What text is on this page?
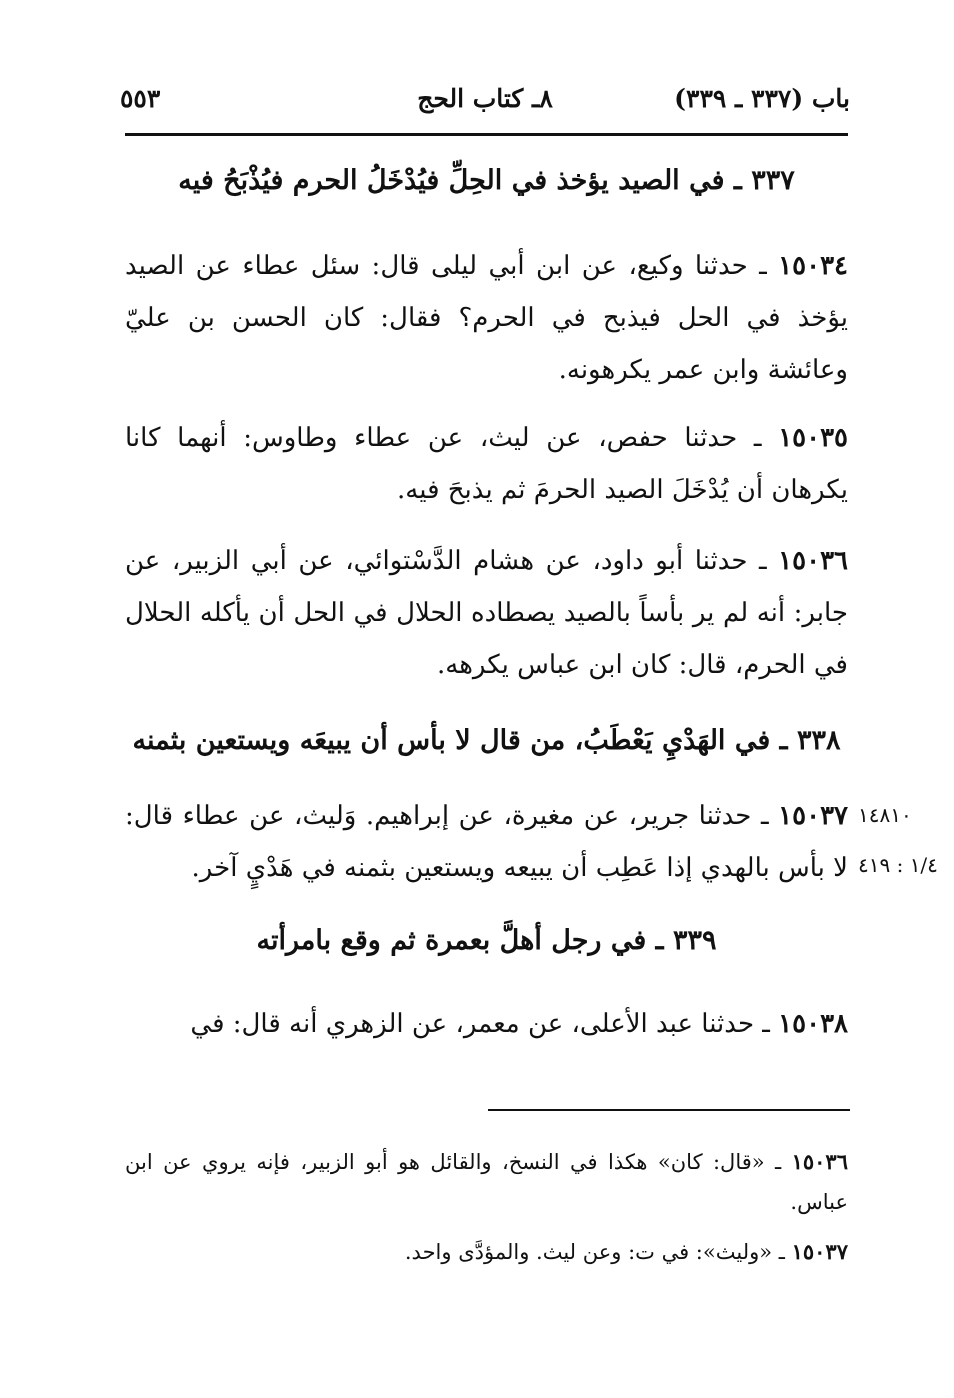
باب (٣٣٧ ـ ٣٣٩)
٨ـ كتاب الحج
٥٥٣
٣٣٧ ـ في الصيد يؤخذ في الحِلِّ فيُدْخَلُ الحرم فيُذْبَحُ فيه
١٥٠٣٤ ـ حدثنا وكيع، عن ابن أبي ليلى قال: سئل عطاء عن الصيد يؤخذ في الحل فيذبح في الحرم؟ فقال: كان الحسن بن عليّ وعائشة وابن عمر يكرهونه.
١٥٠٣٥ ـ حدثنا حفص، عن ليث، عن عطاء وطاوس: أنهما كانا يكرهان أن يُدْخَلَ الصيد الحرمَ ثم يذبحَ فيه.
١٥٠٣٦ ـ حدثنا أبو داود، عن هشام الدَّسْتوائي، عن أبي الزبير، عن جابر: أنه لم ير بأساً بالصيد يصطاده الحلال في الحل أن يأكله الحلال في الحرم، قال: كان ابن عباس يكرهه.
٣٣٨ ـ في الهَدْيِ يَعْطَبُ، من قال لا بأس أن يبيعَه ويستعين بثمنه
١٥٠٣٧ ـ حدثنا جرير، عن مغيرة، عن إبراهيم. وَليث، عن عطاء قال: لا بأس بالهدي إذا عَطِب أن يبيعه ويستعين بثمنه في هَدْيٍ آخر.
١٤٨١٠
١/٤ : ٤١٩
٣٣٩ ـ في رجل أهلَّ بعمرة ثم وقع بامرأته
١٥٠٣٨ ـ حدثنا عبد الأعلى، عن معمر، عن الزهري أنه قال: في
١٥٠٣٦ ـ «قال: كان» هكذا في النسخ، والقائل هو أبو الزبير، فإنه يروي عن ابن عباس.
١٥٠٣٧ ـ «وليث»: في ت: وعن ليث. والمؤدَّى واحد.
